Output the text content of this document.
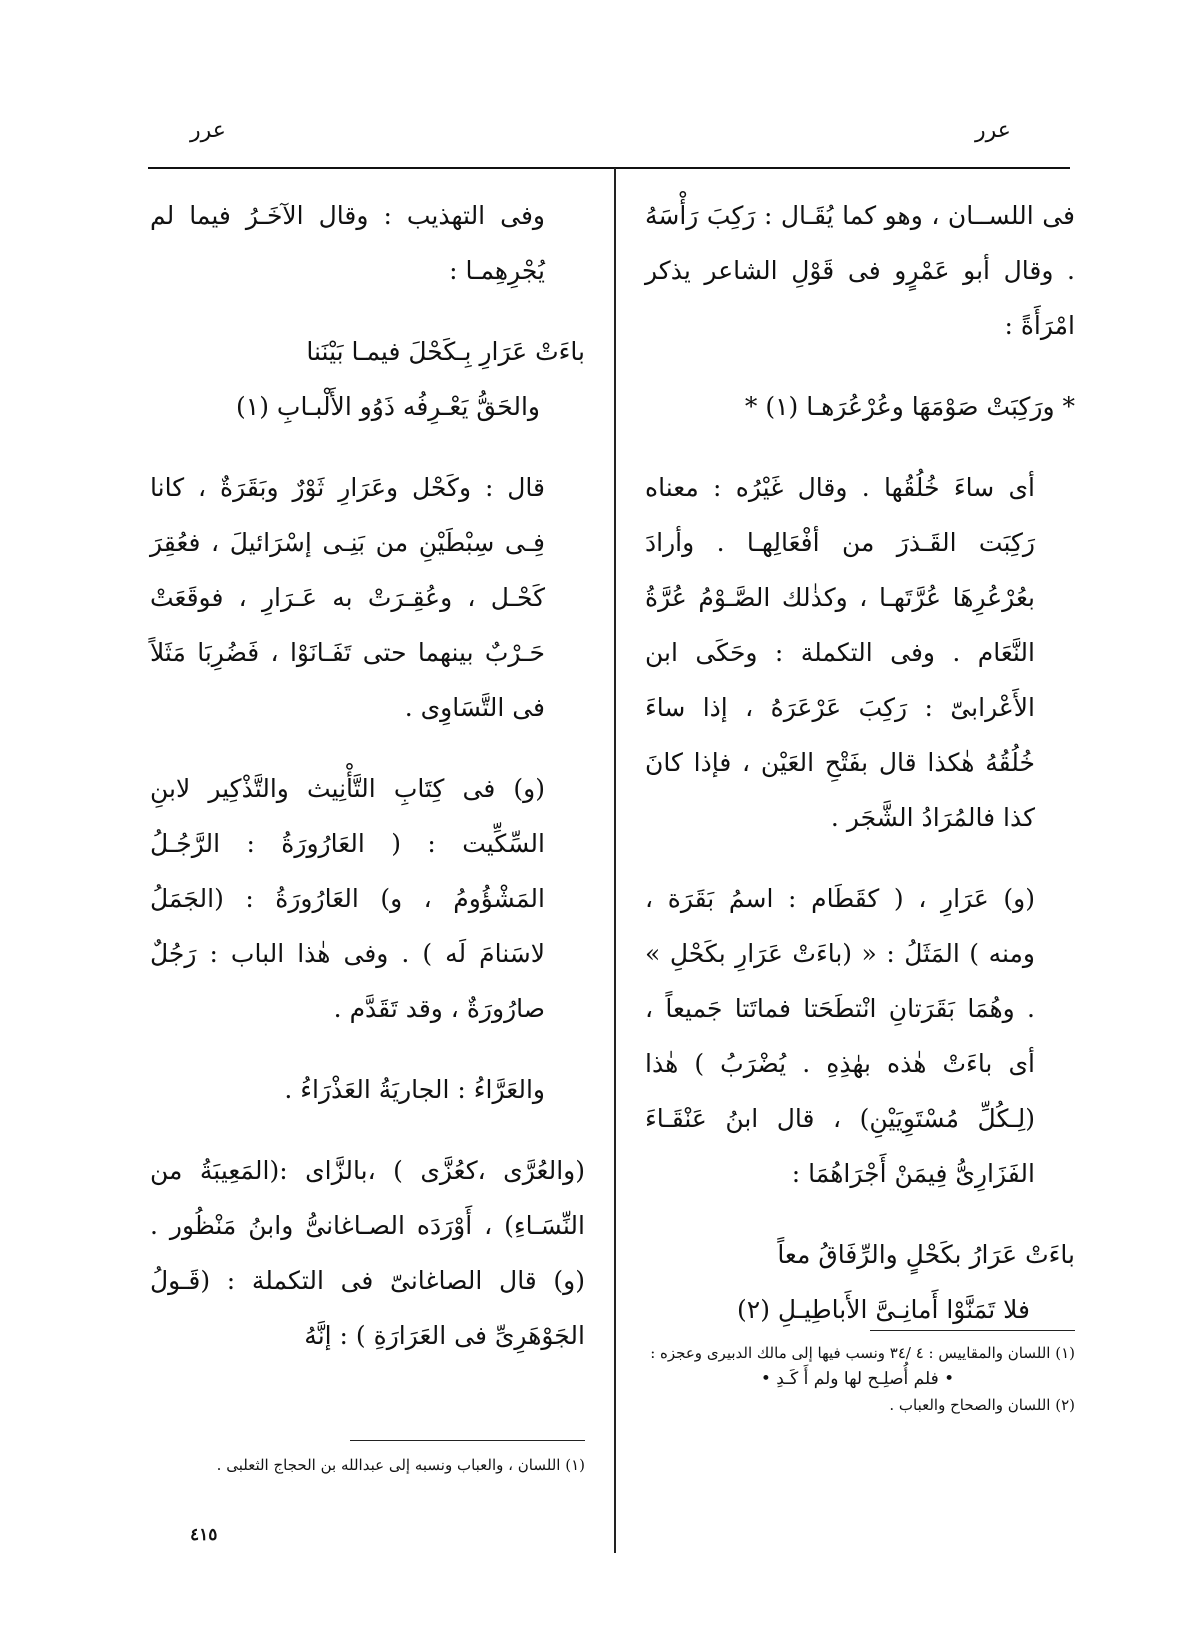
عرر
عرر

فى اللســان ، وهو كما يُقَـال : رَكِبَ رَأْسَهُ . وقال أبو عَمْرٍو فى قَوْلِ الشاعر يذكر امْرَأَةً :

* ورَكِبَتْ صَوْمَهَا وعُرْعُرَهـا (١) *

أى ساءَ خُلُقُها . وقال غَيْرُه : معناه رَكِبَت القَـذرَ من أفْعَالِهـا . وأرادَ بعُرْعُرِهَا عُرَّتَهـا ، وكذٰلك الصَّـوْمُ عُرَّةُ النَّعَام . وفى التكملة : وحَكَى ابن الأَعْرابىّ : رَكِبَ عَرْعَرَهُ ، إذا ساءَ خُلُقُهُ هٰكذا قال بفَتْحِ العَيْن ، فإذا كانَ كذا فالمُرَادُ الشَّجَر .

(و) عَرَارِ ، ( كقَطَام : اسمُ بَقَرَة ، ومنه ) المَثَلُ : « (باءَتْ عَرَارِ بكَحْلِ » . وهُمَا بَقَرَتانِ انْتطَحَتا فماتَتا جَميعاً ، أى باءَتْ هٰذه بهٰذِهِ . يُضْرَبُ ) هٰذا (لِـكُلِّ مُسْتَوِيَيْنِ) ، قال ابنُ عَنْقَـاءَ الفَزَارِىُّ فِيمَنْ أَجْرَاهُمَا :

باءَتْ عَرَارُ بكَحْلٍ والرِّفَاقُ معاً
فلا تَمَنَّوْا أَمانِـىَّ الأَباطِيـلِ (٢)

(١) اللسان والمقاييس : ٤ /٣٤ ونسب فيها إلى مالك الدبيرى وعجزه :

• فلم أُصلِـح لها ولم أَ كَـدِ •

(٢) اللسان والصحاح والعباب .

وفى التهذيب : وقال الآخَـرُ فيما لم يُجْرِهِمـا :

باءَتْ عَرَارِ بِـكَحْلَ فيمـا بَيْنَنا
والحَقُّ يَعْـرِفُه ذَوُو الأَلْبـابِ (١)

قال : وكَحْل وعَرَارِ ثَوْرٌ وبَقَرَةٌ ، كانا فِـى سِبْطَيْنِ من بَنِـى إسْرَائيلَ ، فعُقِرَ كَحْـل ، وعُقِـرَتْ به عَـرَارِ ، فوقَعَتْ حَـرْبٌ بينهما حتى تَفَـانَوْا ، فَضُرِبَا مَثَلاً فى التَّسَاوِى .

(و) فى كِتَابِ التَّأْنِيث والتَّذْكِير لابنِ السِّكِّيت : ( العَارُورَةُ : الرَّجُـلُ المَشْؤُومُ ، و) العَارُورَةُ : (الجَمَلُ لاسَنامَ لَه ) . وفى هٰذا الباب : رَجُلٌ صارُورَةٌ ، وقد تَقَدَّم .

والعَرَّاءُ : الجاريَةُ العَذْرَاءُ .

(والعُرَّى ،كعُزَّى ) ،بالزَّاى :(المَعِيبَةُ من النِّسَـاءِ) ، أَوْرَدَه الصـاغانىُّ وابنُ مَنْظُور . (و) قال الصاغانىّ فى التكملة : (قَـولُ الجَوْهَرِىِّ فى العَرَارَةِ ) : إنَّهُ

(١) اللسان ، والعباب ونسبه إلى عبدالله بن الحجاج الثعلبى .

٤١٥
